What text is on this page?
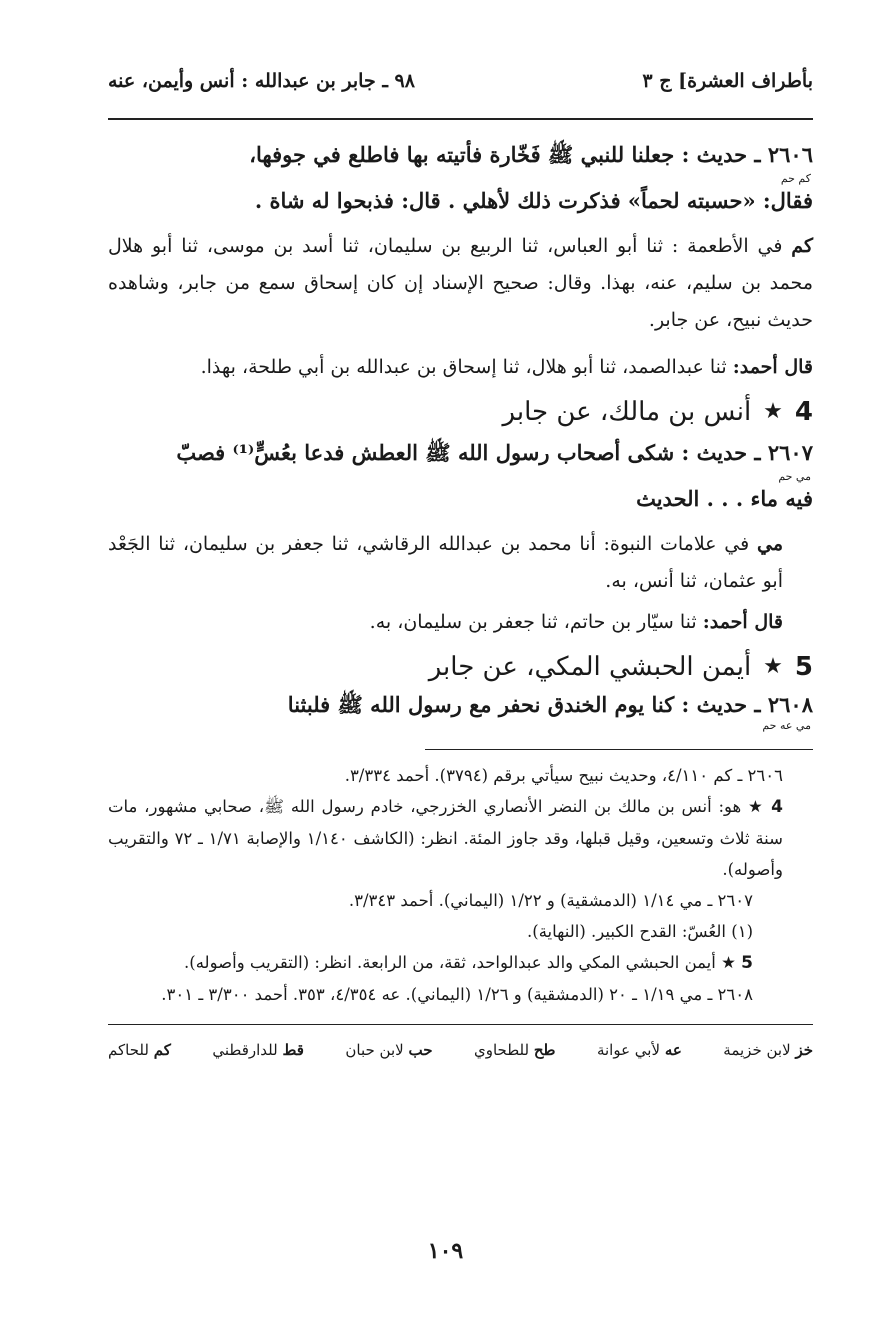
بأطراف العشرة] ج ٣
٩٨ ـ جابر بن عبدالله : أنس وأيمن، عنه
٢٦٠٦ ـ حديث : جعلنا للنبي ﷺ فَخّارة فأتيته بها فاطلع في جوفها،
كم حم
فقال: «حسبته لحماً» فذكرت ذلك لأهلي . قال: فذبحوا له شاة .
كم في الأطعمة : ثنا أبو العباس، ثنا الربيع بن سليمان، ثنا أسد بن موسى، ثنا أبو هلال محمد بن سليم، عنه، بهذا. وقال: صحيح الإسناد إن كان إسحاق سمع من جابر، وشاهده حديث نبيح، عن جابر.
قال أحمد: ثنا عبدالصمد، ثنا أبو هلال، ثنا إسحاق بن عبدالله بن أبي طلحة، بهذا.
4
★
أنس بن مالك، عن جابر
٢٦٠٧ ـ حديث : شكى أصحاب رسول الله ﷺ العطش فدعا بعُسٍّ⁽¹⁾ فصبّ
مي حم
فيه ماء . . . الحديث
مي في علامات النبوة: أنا محمد بن عبدالله الرقاشي، ثنا جعفر بن سليمان، ثنا الجَعْد أبو عثمان، ثنا أنس، به.
قال أحمد: ثنا سيّار بن حاتم، ثنا جعفر بن سليمان، به.
5
★
أيمن الحبشي المكي، عن جابر
٢٦٠٨ ـ حديث : كنا يوم الخندق نحفر مع رسول الله ﷺ فلبثنا
مي عه حم
٢٦٠٦ ـ كم ٤/١١٠، وحديث نبيح سيأتي برقم (٣٧٩٤). أحمد ٣/٣٣٤.
4 ★ هو: أنس بن مالك بن النضر الأنصاري الخزرجي، خادم رسول الله ﷺ، صحابي مشهور، مات سنة ثلاث وتسعين، وقيل قبلها، وقد جاوز المئة. انظر: (الكاشف ١/١٤٠ والإصابة ١/٧١ ـ ٧٢ والتقريب وأصوله).
٢٦٠٧ ـ مي ١/١٤ (الدمشقية) و ١/٢٢ (اليماني). أحمد ٣/٣٤٣.
(١) العُسّ: القدح الكبير. (النهاية).
5 ★ أيمن الحبشي المكي والد عبدالواحد، ثقة، من الرابعة. انظر: (التقريب وأصوله).
٢٦٠٨ ـ مي ١/١٩ ـ ٢٠ (الدمشقية) و ١/٢٦ (اليماني). عه ٤/٣٥٤، ٣٥٣. أحمد ٣/٣٠٠ ـ ٣٠١.
خز لابن خزيمة
عه لأبي عوانة
طح للطحاوي
حب لابن حبان
قط للدارقطني
كم للحاكم
١٠٩
